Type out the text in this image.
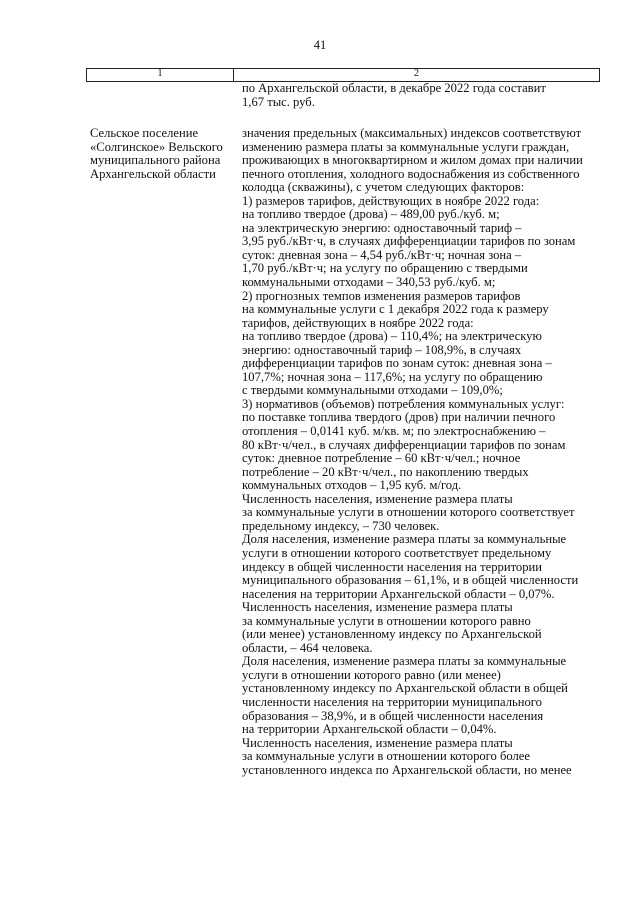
41
1	2
по Архангельской области, в декабре 2022 года составит
1,67 тыс. руб.
Сельское поселение
«Солгинское» Вельского
муниципального района
Архангельской области
значения предельных (максимальных) индексов соответствуют
изменению размера платы за коммунальные услуги граждан,
проживающих в многоквартирном и жилом домах при наличии
печного отопления, холодного водоснабжения из собственного
колодца (скважины), с учетом следующих факторов:
1) размеров тарифов, действующих в ноябре 2022 года:
на топливо твердое (дрова) – 489,00 руб./куб. м;
на электрическую энергию: одноставочный тариф –
3,95 руб./кВт·ч, в случаях дифференциации тарифов по зонам
суток: дневная зона – 4,54 руб./кВт·ч; ночная зона –
1,70 руб./кВт·ч; на услугу по обращению с твердыми
коммунальными отходами – 340,53 руб./куб. м;
2) прогнозных темпов изменения размеров тарифов
на коммунальные услуги с 1 декабря 2022 года к размеру
тарифов, действующих в ноябре 2022 года:
на топливо твердое (дрова) – 110,4%; на электрическую
энергию: одноставочный тариф – 108,9%, в случаях
дифференциации тарифов по зонам суток: дневная зона –
107,7%; ночная зона – 117,6%; на услугу по обращению
с твердыми коммунальными отходами – 109,0%;
3) нормативов (объемов) потребления коммунальных услуг:
по поставке топлива твердого (дров) при наличии печного
отопления – 0,0141 куб. м/кв. м; по электроснабжению –
80 кВт·ч/чел., в случаях дифференциации тарифов по зонам
суток: дневное потребление – 60 кВт·ч/чел.; ночное
потребление – 20 кВт·ч/чел., по накоплению твердых
коммунальных отходов – 1,95 куб. м/год.
Численность населения, изменение размера платы
за коммунальные услуги в отношении которого соответствует
предельному индексу, – 730 человек.
Доля населения, изменение размера платы за коммунальные
услуги в отношении которого соответствует предельному
индексу в общей численности населения на территории
муниципального образования – 61,1%, и в общей численности
населения на территории Архангельской области – 0,07%.
Численность населения, изменение размера платы
за коммунальные услуги в отношении которого равно
(или менее) установленному индексу по Архангельской
области, – 464 человека.
Доля населения, изменение размера платы за коммунальные
услуги в отношении которого равно (или менее)
установленному индексу по Архангельской области в общей
численности населения на территории муниципального
образования – 38,9%, и в общей численности населения
на территории Архангельской области – 0,04%.
Численность населения, изменение размера платы
за коммунальные услуги в отношении которого более
установленного индекса по Архангельской области, но менее
